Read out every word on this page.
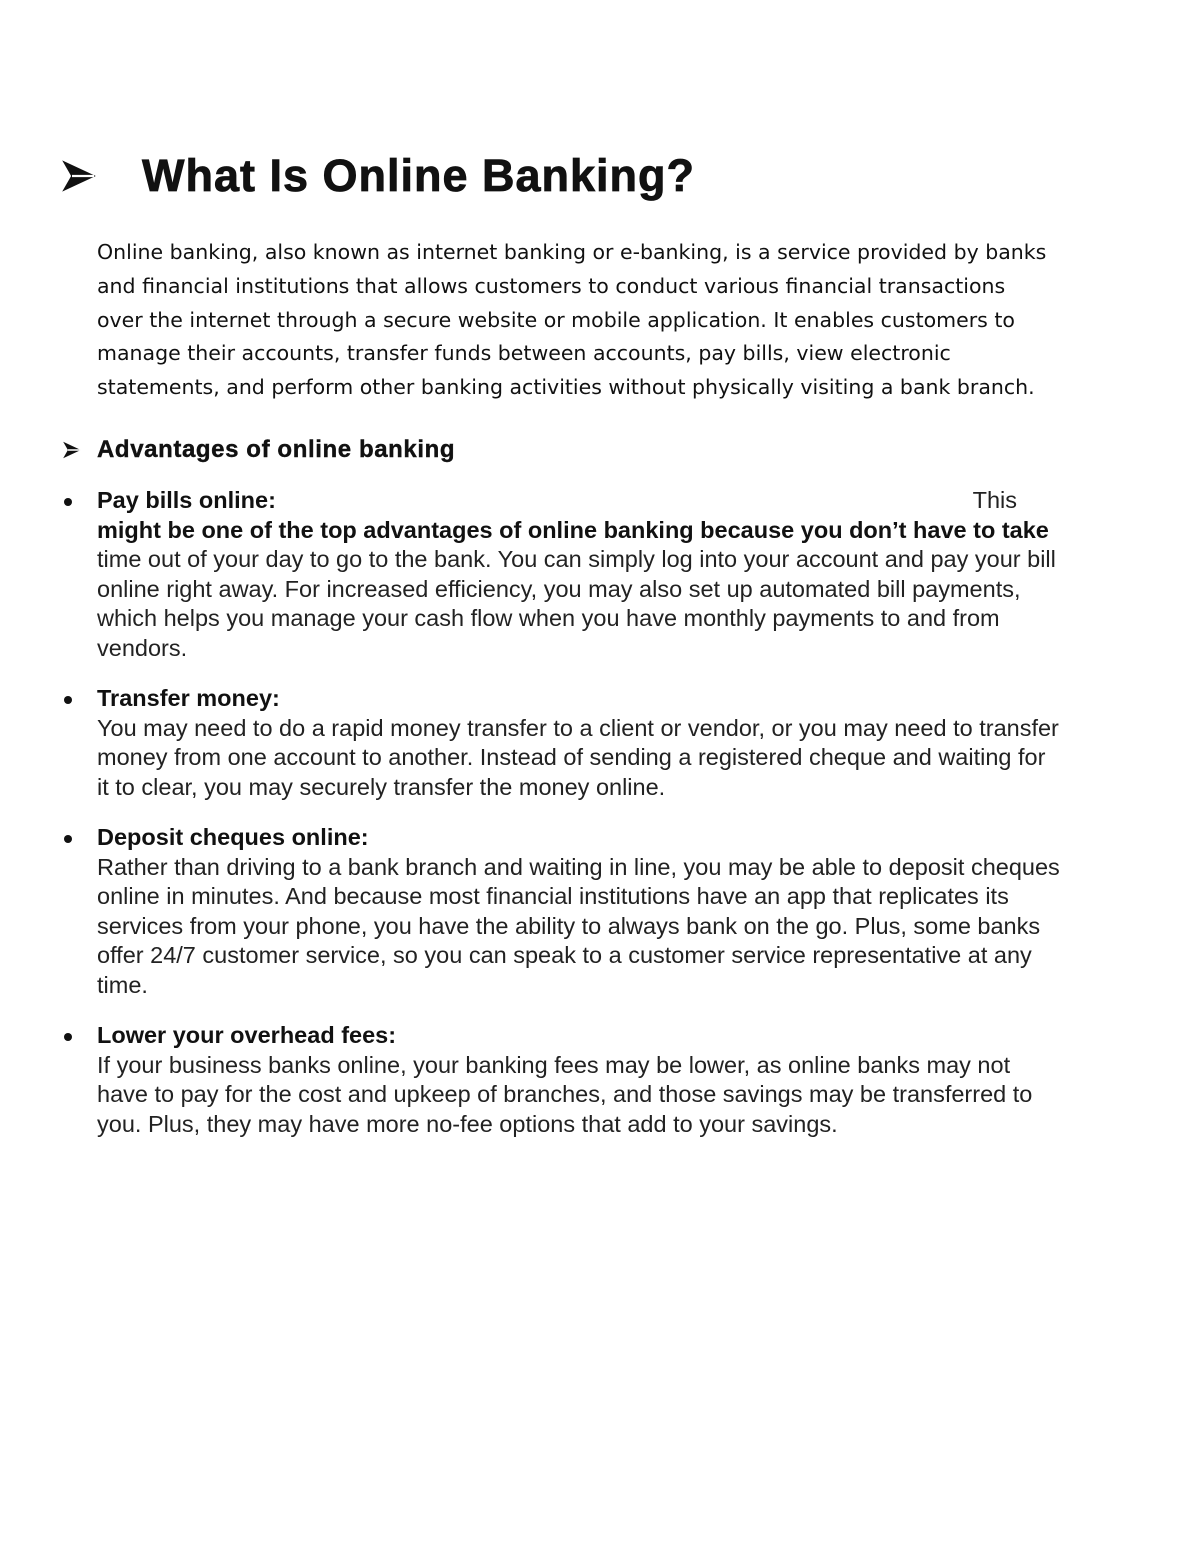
What Is Online Banking?

Online banking, also known as internet banking or e-banking, is a service provided by banks and financial institutions that allows customers to conduct various financial transactions over the internet through a secure website or mobile application. It enables customers to manage their accounts, transfer funds between accounts, pay bills, view electronic statements, and perform other banking activities without physically visiting a bank branch.

Advantages of online banking
Pay bills online:	This
might be one of the top advantages of online banking because you don’t have to take
time out of your day to go to the bank. You can simply log into your account and pay your bill online right away. For increased efficiency, you may also set up automated bill payments, which helps you manage your cash flow when you have monthly payments to and from vendors.
Transfer money:
You may need to do a rapid money transfer to a client or vendor, or you may need to transfer money from one account to another. Instead of sending a registered cheque and waiting for it to clear, you may securely transfer the money online.
Deposit cheques online:
Rather than driving to a bank branch and waiting in line, you may be able to deposit cheques online in minutes. And because most financial institutions have an app that replicates its services from your phone, you have the ability to always bank on the go. Plus, some banks offer 24/7 customer service, so you can speak to a customer service representative at any time.
Lower your overhead fees:
If your business banks online, your banking fees may be lower, as online banks may not have to pay for the cost and upkeep of branches, and those savings may be transferred to you. Plus, they may have more no-fee options that add to your savings.
